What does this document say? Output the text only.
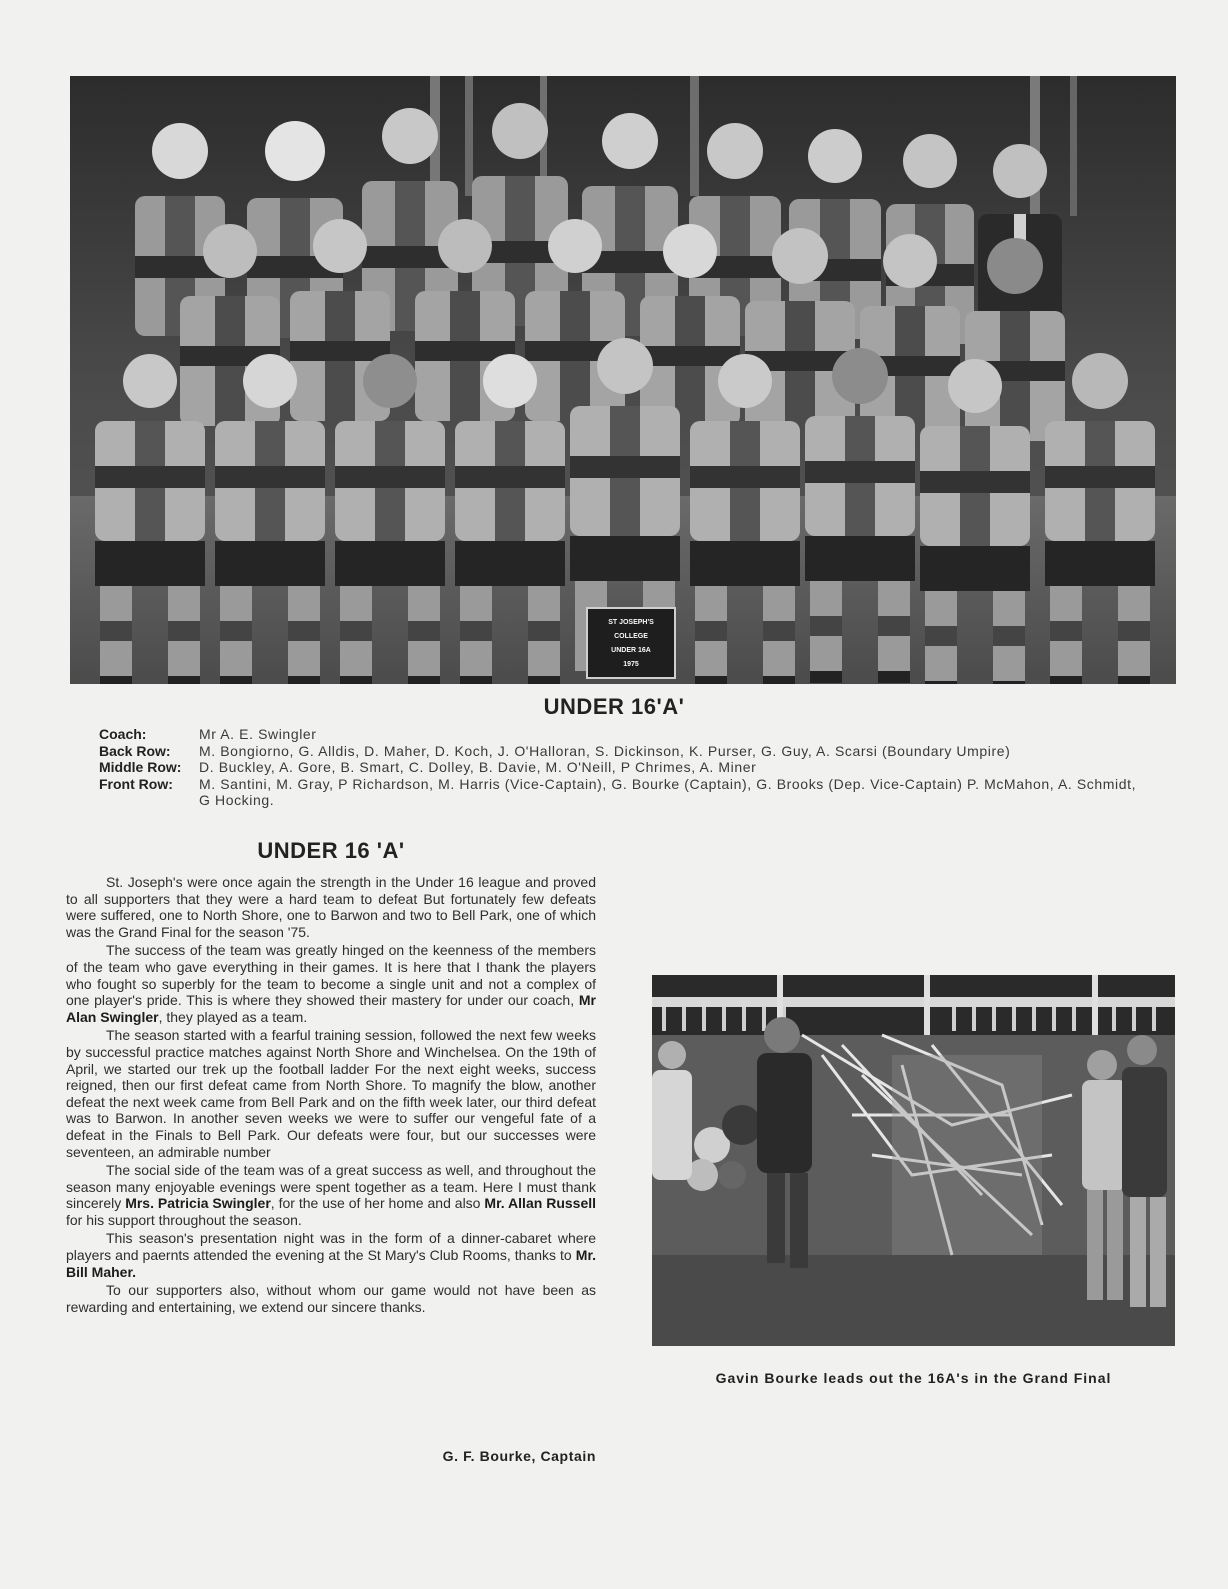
ST JOSEPH'S
COLLEGE
UNDER 16A
1975
UNDER 16'A'
Coach:	Mr A. E. Swingler
Back Row:	M. Bongiorno, G. Alldis, D. Maher, D. Koch, J. O'Halloran, S. Dickinson, K. Purser, G. Guy, A. Scarsi (Boundary Umpire)
Middle Row:	D. Buckley, A. Gore, B. Smart, C. Dolley, B. Davie, M. O'Neill, P Chrimes, A. Miner
Front Row:	M. Santini, M. Gray, P Richardson, M. Harris (Vice-Captain), G. Bourke (Captain), G. Brooks (Dep. Vice-Captain) P. McMahon, A. Schmidt, G Hocking.
UNDER 16 'A'

St. Joseph's were once again the strength in the Under 16 league and proved to all supporters that they were a hard team to defeat But fortunately few defeats were suffered, one to North Shore, one to Barwon and two to Bell Park, one of which was the Grand Final for the season '75.

The success of the team was greatly hinged on the keenness of the members of the team who gave everything in their games. It is here that I thank the players who fought so superbly for the team to become a single unit and not a complex of one player's pride. This is where they showed their mastery for under our coach, Mr Alan Swingler, they played as a team.

The season started with a fearful training session, followed the next few weeks by successful practice matches against North Shore and Winchelsea. On the 19th of April, we started our trek up the football ladder For the next eight weeks, success reigned, then our first defeat came from North Shore. To magnify the blow, another defeat the next week came from Bell Park and on the fifth week later, our third defeat was to Barwon. In another seven weeks we were to suffer our vengeful fate of a defeat in the Finals to Bell Park. Our defeats were four, but our successes were seventeen, an admirable number

The social side of the team was of a great success as well, and throughout the season many enjoyable evenings were spent together as a team. Here I must thank sincerely Mrs. Patricia Swingler, for the use of her home and also Mr. Allan Russell for his support throughout the season.

This season's presentation night was in the form of a dinner-cabaret where players and paernts attended the evening at the St Mary's Club Rooms, thanks to Mr. Bill Maher.

To our supporters also, without whom our game would not have been as rewarding and entertaining, we extend our sincere thanks.

G. F. Bourke, Captain
Gavin Bourke leads out the 16A's in the Grand Final
